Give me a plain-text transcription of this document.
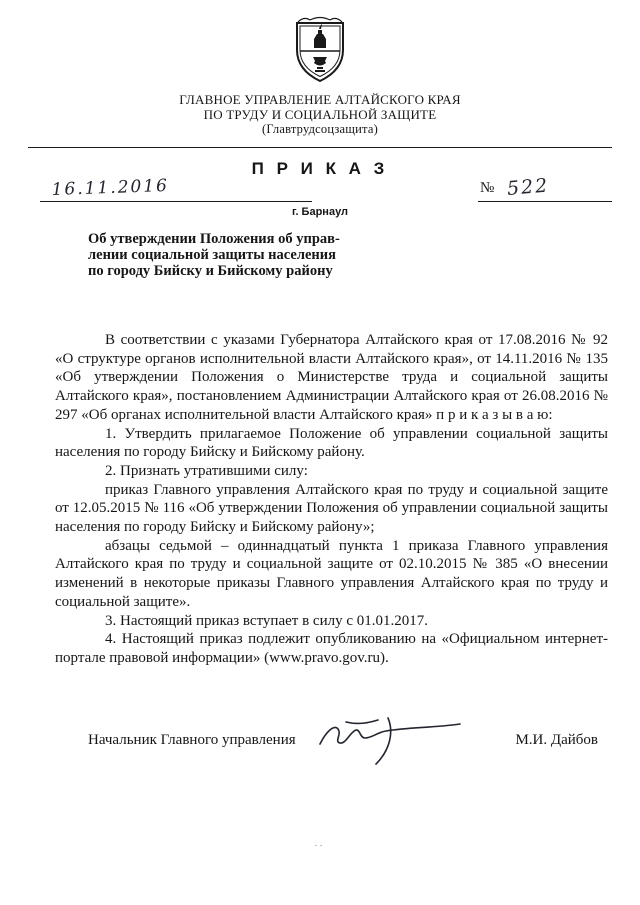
ГЛАВНОЕ УПРАВЛЕНИЕ АЛТАЙСКОГО КРАЯ
ПО ТРУДУ И СОЦИАЛЬНОЙ ЗАЩИТЕ
(Главтрудсоцзащита)
П Р И К А З
16.11.2016	№ 522
г. Барнаул
Об утверждении Положения об управ-
лении социальной защиты населения
по городу Бийску и Бийскому району

В соответствии с указами Губернатора Алтайского края от 17.08.2016 № 92 «О структуре органов исполнительной власти Алтайского края», от 14.11.2016 № 135 «Об утверждении Положения о Министерстве труда и социальной защиты Алтайского края», постановлением Администрации Алтайского края от 26.08.2016 № 297 «Об органах исполнительной власти Алтайского края» п р и к а з ы в а ю:

1. Утвердить прилагаемое Положение об управлении социальной защиты населения по городу Бийску и Бийскому району.

2. Признать утратившими силу:

приказ Главного управления Алтайского края по труду и социальной защите от 12.05.2015 № 116 «Об утверждении Положения об управлении социальной защиты населения по городу Бийску и Бийскому району»;

абзацы седьмой – одиннадцатый пункта 1 приказа Главного управления Алтайского края по труду и социальной защите от 02.10.2015 № 385 «О внесении изменений в некоторые приказы Главного управления Алтайского края по труду и социальной защите».

3. Настоящий приказ вступает в силу с 01.01.2017.

4. Настоящий приказ подлежит опубликованию на «Официальном интернет-портале правовой информации» (www.pravo.gov.ru).

Начальник Главного управления	М.И. Дайбов
..
